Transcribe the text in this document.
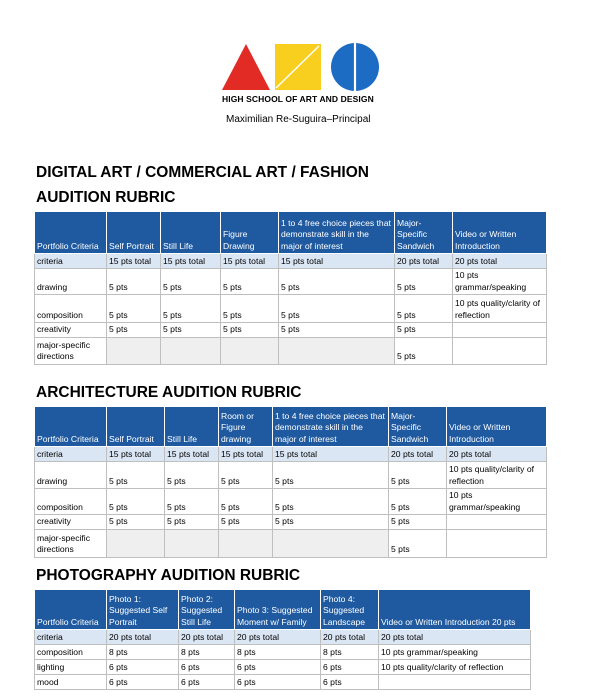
HIGH SCHOOL OF ART AND DESIGN
Maximilian Re-Suguira–Principal
DIGITAL ART / COMMERCIAL ART / FASHION
AUDITION RUBRIC
Portfolio Criteria	Self Portrait	Still Life	Figure Drawing	1 to 4 free choice pieces that demonstrate skill in the major of interest	Major-Specific Sandwich	Video or Written Introduction
criteria	15 pts total	15 pts total	15 pts total	15 pts total	20 pts total	20 pts total
drawing	5 pts	5 pts	5 pts	5 pts	5 pts	10 pts grammar/speaking
composition	5 pts	5 pts	5 pts	5 pts	5 pts	10 pts quality/clarity of reflection
creativity	5 pts	5 pts	5 pts	5 pts	5 pts	
major-specific directions					5 pts	
ARCHITECTURE AUDITION RUBRIC
Portfolio Criteria	Self Portrait	Still Life	Room or Figure drawing	1 to 4 free choice pieces that demonstrate skill in the major of interest	Major-Specific Sandwich	Video or Written Introduction
criteria	15 pts total	15 pts total	15 pts total	15 pts total	20 pts total	20 pts total
drawing	5 pts	5 pts	5 pts	5 pts	5 pts	10 pts quality/clarity of reflection
composition	5 pts	5 pts	5 pts	5 pts	5 pts	10 pts grammar/speaking
creativity	5 pts	5 pts	5 pts	5 pts	5 pts	
major-specific directions					5 pts	
PHOTOGRAPHY AUDITION RUBRIC
Portfolio Criteria	Photo 1: Suggested Self Portrait	Photo 2: Suggested Still Life	Photo 3: Suggested Moment w/ Family	Photo 4: Suggested Landscape	Video or Written Introduction 20 pts
criteria	20 pts total	20 pts total	20 pts total	20 pts total	20 pts total
composition	8 pts	8 pts	8 pts	8 pts	10 pts grammar/speaking
lighting	6 pts	6 pts	6 pts	6 pts	10 pts quality/clarity of reflection
mood	6 pts	6 pts	6 pts	6 pts	
